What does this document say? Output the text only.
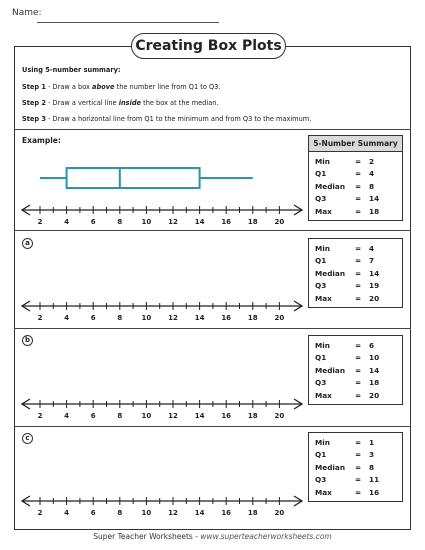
Name:
Creating Box Plots
Using 5-number summary:
Step 1 - Draw a box above the number line from Q1 to Q3.
Step 2 - Draw a vertical line inside the box at the median.
Step 3 - Draw a horizontal line from Q1 to the minimum and from Q3 to the maximum.
Example:	5-Number Summary
Min	=	2
Q1	=	4
Median	=	8
Q3	=	14
Max	=	18
a
b
c
Min	=	4
Q1	=	7
Median	=	14
Q3	=	19
Max	=	20
Min	=	6
Q1	=	10
Median	=	14
Q3	=	18
Max	=	20
Min	=	1
Q1	=	3
Median	=	8
Q3	=	11
Max	=	16
2	4	6	8	10 12 14 16 18 20
2	4	6	8	10 12 14 16 18 20
2	4	6	8	10 12 14 16 18 20
2	4	6	8	10 12 14 16 18 20
Super Teacher Worksheets - www.superteacherworksheets.com
